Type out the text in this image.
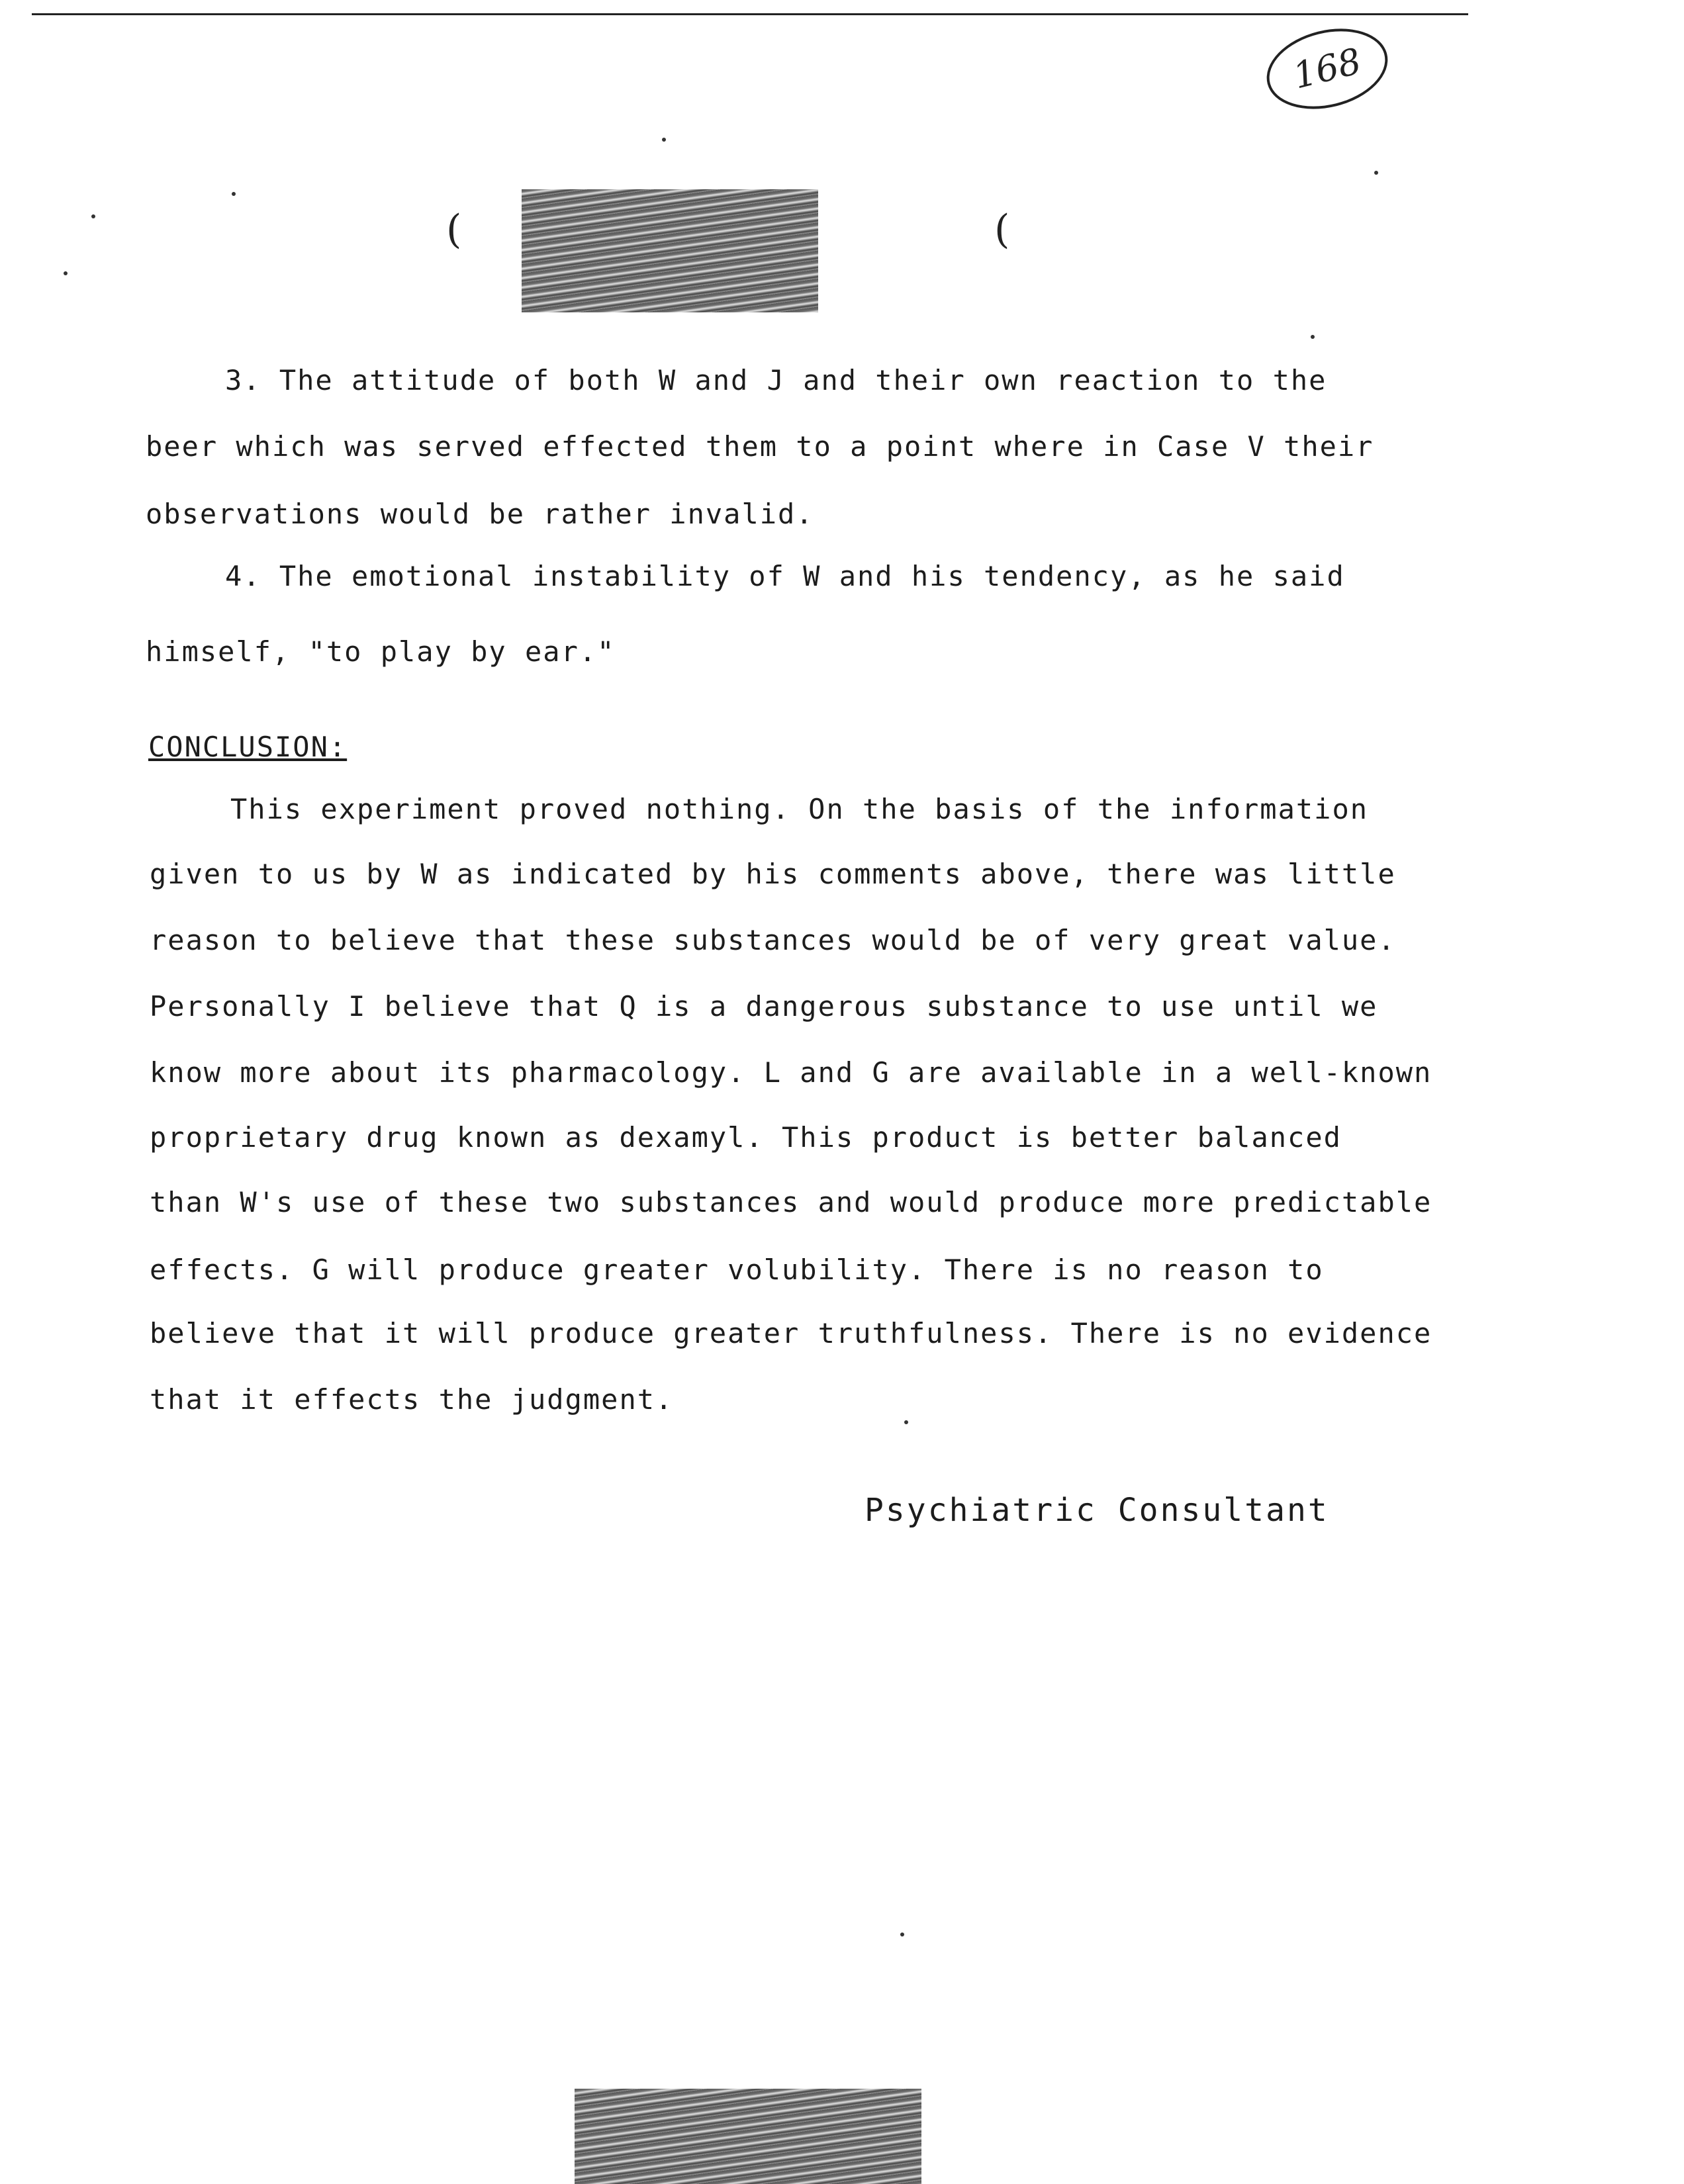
168
(	(
3. The attitude of both W and J and their own reaction to the
beer which was served effected them to a point where in Case V their
observations would be rather invalid.
4. The emotional instability of W and his tendency, as he said
himself, "to play by ear."
CONCLUSION:
This experiment proved nothing. On the basis of the information
given to us by W as indicated by his comments above, there was little
reason to believe that these substances would be of very great value.
Personally I believe that Q is a dangerous substance to use until we
know more about its pharmacology. L and G are available in a well-known
proprietary drug known as dexamyl. This product is better balanced
than W's use of these two substances and would produce more predictable
effects. G will produce greater volubility. There is no reason to
believe that it will produce greater truthfulness. There is no evidence
that it effects the judgment.
Psychiatric Consultant
